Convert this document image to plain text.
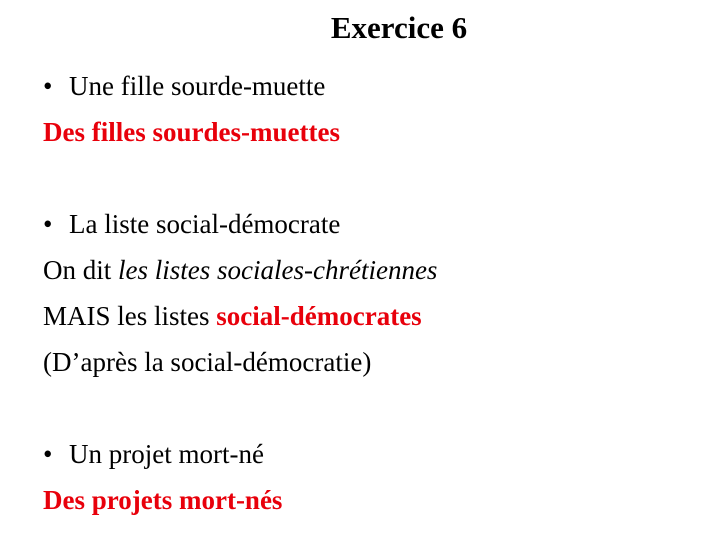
Exercice 6
• Une fille sourde-muette
Des filles sourdes-muettes
• La liste social-démocrate
On dit les listes sociales-chrétiennes
MAIS les listes social-démocrates
(D’après la social-démocratie)
• Un projet mort-né
Des projets mort-nés
